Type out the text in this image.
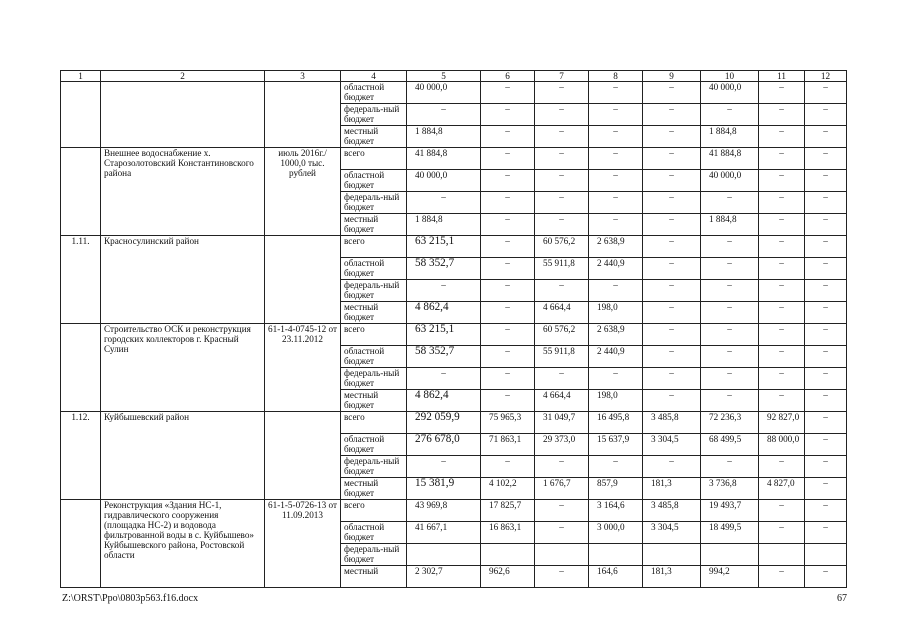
1	2	3	4	5	6	7	8	9	10	11	12
			областной бюджет	40 000,0	–	–	–	–	40 000,0	–	–
			федераль-ный бюджет	–	–	–	–	–	–	–	–
			местный бюджет	1 884,8	–	–	–	–	1 884,8	–	–
	Внешнее водоснабжение х. Старозолотовский Константиновского района	июль 2016г./ 1000,0 тыс. рублей	всего	41 884,8	–	–	–	–	41 884,8	–	–
			областной бюджет	40 000,0	–	–	–	–	40 000,0	–	–
			федераль-ный бюджет	–	–	–	–	–	–	–	–
			местный бюджет	1 884,8	–	–	–	–	1 884,8	–	–
1.11.	Красносулинский район		всего	63 215,1	–	60 576,2	2 638,9	–	–	–	–
			областной бюджет	58 352,7	–	55 911,8	2 440,9	–	–	–	–
			федераль-ный бюджет	–	–	–	–	–	–	–	–
			местный бюджет	4 862,4	–	4 664,4	198,0	–	–	–	–
	Строительство ОСК и реконструкция городских коллекторов г. Красный Сулин	61-1-4-0745-12 от 23.11.2012	всего	63 215,1	–	60 576,2	2 638,9	–	–	–	–
			областной бюджет	58 352,7	–	55 911,8	2 440,9	–	–	–	–
			федераль-ный бюджет	–	–	–	–	–	–	–	–
			местный бюджет	4 862,4	–	4 664,4	198,0	–	–	–	–
1.12.	Куйбышевский район		всего	292 059,9	75 965,3	31 049,7	16 495,8	3 485,8	72 236,3	92 827,0	–
			областной бюджет	276 678,0	71 863,1	29 373,0	15 637,9	3 304,5	68 499,5	88 000,0	–
			федераль-ный бюджет	–	–	–	–	–	–	–	–
			местный бюджет	15 381,9	4 102,2	1 676,7	857,9	181,3	3 736,8	4 827,0	–
	Реконструкция «Здания НС-1, гидравлического сооружения (площадка НС-2) и водовода фильтрованной воды в с. Куйбышево» Куйбышевского района, Ростовской области	61-1-5-0726-13 от 11.09.2013	всего	43 969,8	17 825,7	–	3 164,6	3 485,8	19 493,7	–	–
			областной бюджет	41 667,1	16 863,1	–	3 000,0	3 304,5	18 499,5	–	–
			федераль-ный бюджет								
			местный	2 302,7	962,6	–	164,6	181,3	994,2	–	–
Z:\ORST\Ppo\0803p563.f16.docx	67
